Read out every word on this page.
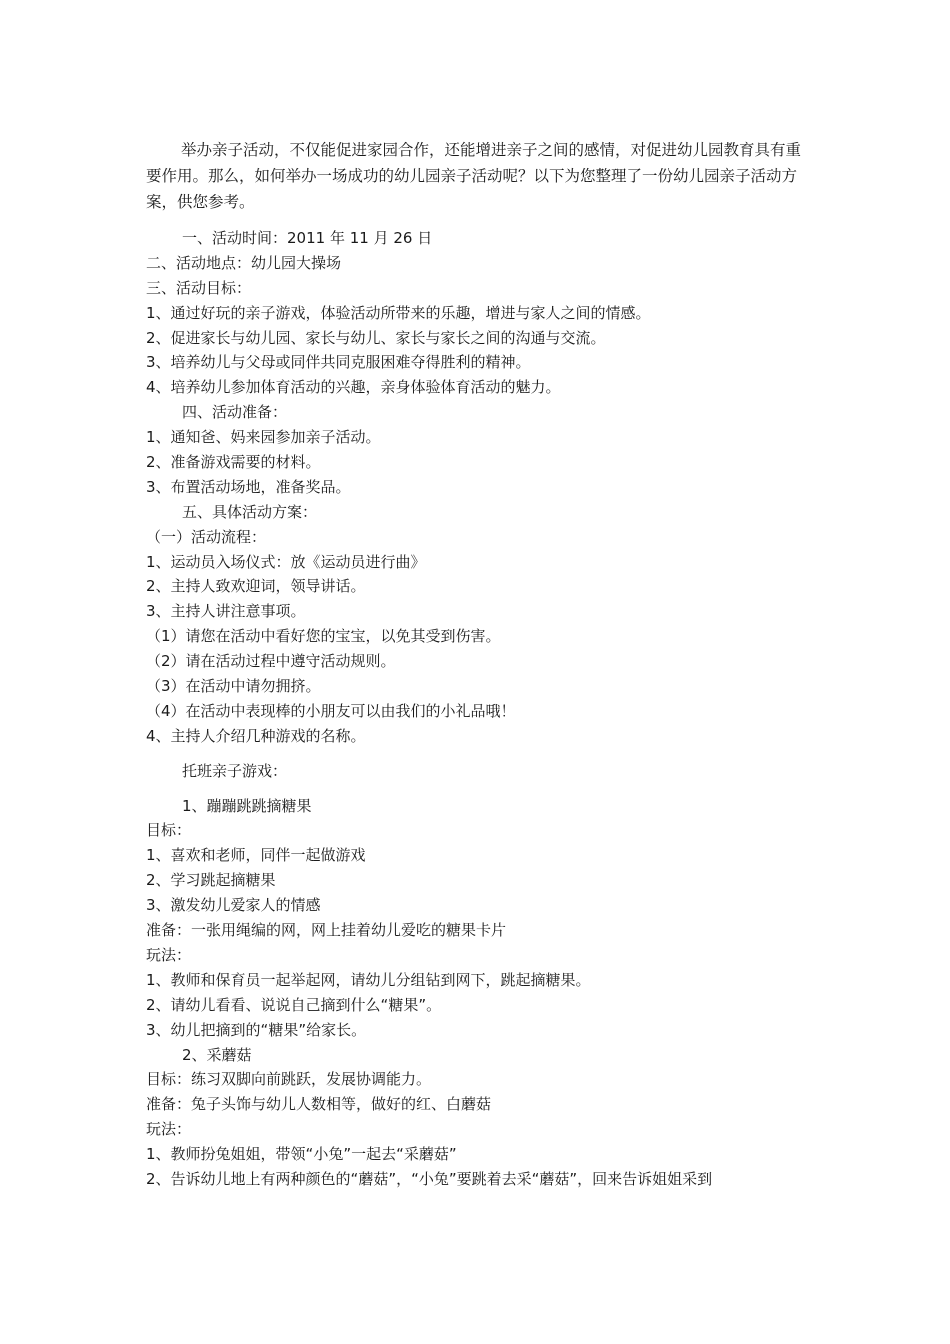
举办亲子活动，不仅能促进家园合作，还能增进亲子之间的感情，对促进幼儿园教育具有重要作用。那么，如何举办一场成功的幼儿园亲子活动呢？以下为您整理了一份幼儿园亲子活动方案，供您参考。

一、活动时间：2011 年 11 月 26 日

二、活动地点：幼儿园大操场

三、活动目标：

1、通过好玩的亲子游戏，体验活动所带来的乐趣，增进与家人之间的情感。

2、促进家长与幼儿园、家长与幼儿、家长与家长之间的沟通与交流。

3、培养幼儿与父母或同伴共同克服困难夺得胜利的精神。

4、培养幼儿参加体育活动的兴趣，亲身体验体育活动的魅力。

四、活动准备：

1、通知爸、妈来园参加亲子活动。

2、准备游戏需要的材料。

3、布置活动场地，准备奖品。

五、具体活动方案：

（一）活动流程：

1、运动员入场仪式：放《运动员进行曲》

2、主持人致欢迎词，领导讲话。

3、主持人讲注意事项。

（1）请您在活动中看好您的宝宝，以免其受到伤害。

（2）请在活动过程中遵守活动规则。

（3）在活动中请勿拥挤。

（4）在活动中表现棒的小朋友可以由我们的小礼品哦！

4、主持人介绍几种游戏的名称。

托班亲子游戏：

1、蹦蹦跳跳摘糖果

目标：

1、喜欢和老师，同伴一起做游戏

2、学习跳起摘糖果

3、激发幼儿爱家人的情感

准备：一张用绳编的网，网上挂着幼儿爱吃的糖果卡片

玩法：

1、教师和保育员一起举起网，请幼儿分组钻到网下，跳起摘糖果。

2、请幼儿看看、说说自己摘到什么“糖果”。

3、幼儿把摘到的“糖果”给家长。

2、采蘑菇

目标：练习双脚向前跳跃，发展协调能力。

准备：兔子头饰与幼儿人数相等，做好的红、白蘑菇

玩法：

1、教师扮兔姐姐，带领“小兔”一起去“采蘑菇”

2、告诉幼儿地上有两种颜色的“蘑菇”，“小兔”要跳着去采“蘑菇”，回来告诉姐姐采到
